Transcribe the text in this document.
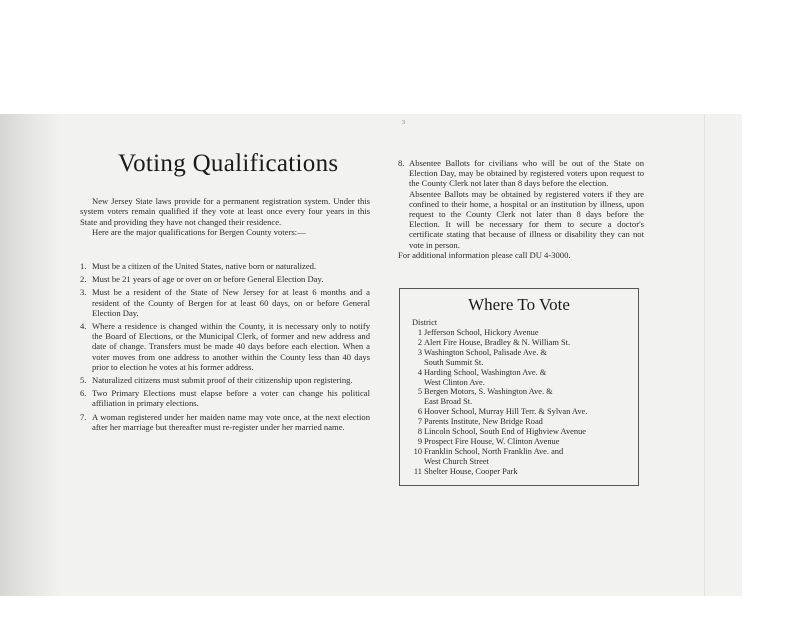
3
Voting Qualifications

New Jersey State laws provide for a permanent registration system. Under this system voters remain qualified if they vote at least once every four years in this State and providing they have not changed their residence.

Here are the major qualifications for Bergen County voters:—

1. Must be a citizen of the United States, native born or naturalized.
2. Must be 21 years of age or over on or before General Election Day.
3. Must be a resident of the State of New Jersey for at least 6 months and a resident of the County of Bergen for at least 60 days, on or before General Election Day.
4. Where a residence is changed within the County, it is necessary only to notify the Board of Elections, or the Municipal Clerk, of former and new address and date of change. Transfers must be made 40 days before each election. When a voter moves from one address to another within the County less than 40 days prior to election he votes at his former address.
5. Naturalized citizens must submit proof of their citizenship upon registering.
6. Two Primary Elections must elapse before a voter can change his political affiliation in primary elections.
7. A woman registered under her maiden name may vote once, at the next election after her marriage but thereafter must re-register under her married name.
8. Absentee Ballots for civilians who will be out of the State on Election Day, may be obtained by registered voters upon request to the County Clerk not later than 8 days before the election.

Absentee Ballots may be obtained by registered voters if they are confined to their home, a hospital or an institution by illness, upon request to the County Clerk not later than 8 days before the Election. It will be necessary for them to secure a doctor's certificate stating that because of illness or disability they can not vote in person.

For additional information please call DU 4-3000.

Where To Vote
District
1 Jefferson School, Hickory Avenue
2 Alert Fire House, Bradley & N. William St.
3 Washington School, Palisade Ave. &
South Summit St.
4 Harding School, Washington Ave. &
West Clinton Ave.
5 Bergen Motors, S. Washington Ave. &
East Broad St.
6 Hoover School, Murray Hill Terr. & Sylvan Ave.
7 Parents Institute, New Bridge Road
8 Lincoln School, South End of Highview Avenue
9 Prospect Fire House, W. Clinton Avenue
10 Franklin School, North Franklin Ave. and
West Church Street
11 Shelter House, Cooper Park
